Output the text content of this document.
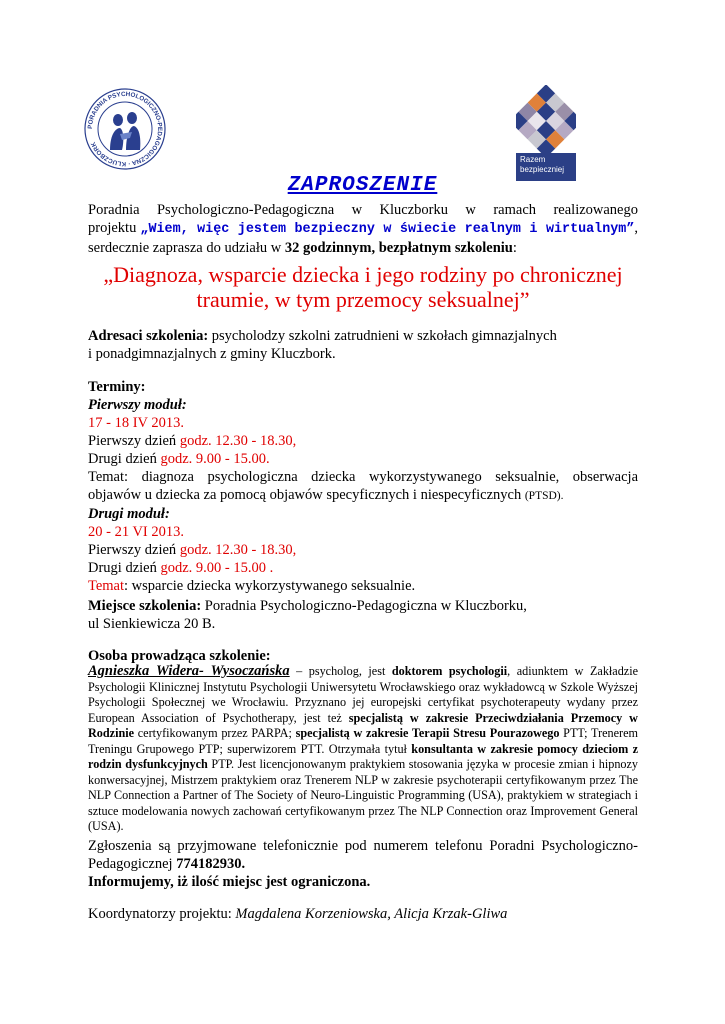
PORADNIA PSYCHOLOGICZNO-PEDAGOGICZNA · KLUCZBORK
Razem
bezpieczniej
ZAPROSZENIE
Poradnia Psychologiczno-Pedagogiczna w Kluczborku w ramach realizowanego
projektu „Wiem, więc jestem bezpieczny w świecie realnym i wirtualnym”,
serdecznie zaprasza do udziału w 32 godzinnym, bezpłatnym szkoleniu:
„Diagnoza, wsparcie dziecka i jego rodziny po chronicznej
traumie, w tym przemocy seksualnej”
Adresaci szkolenia: psycholodzy szkolni zatrudnieni w szkołach gimnazjalnych
i ponadgimnazjalnych z gminy Kluczbork.
Terminy:
Pierwszy moduł:
17 - 18 IV 2013.
Pierwszy dzień godz. 12.30 - 18.30,
Drugi dzień godz. 9.00 - 15.00.
Temat: diagnoza psychologiczna dziecka wykorzystywanego seksualnie, obserwacja
objawów u dziecka za pomocą objawów specyficznych i niespecyficznych (PTSD).
Drugi moduł:
20 - 21 VI 2013.
Pierwszy dzień godz. 12.30 - 18.30,
Drugi dzień godz. 9.00 - 15.00 .
Temat: wsparcie dziecka wykorzystywanego seksualnie.
Miejsce szkolenia: Poradnia Psychologiczno-Pedagogiczna w Kluczborku,
ul Sienkiewicza 20 B.
Osoba prowadząca szkolenie:
Agnieszka Widera- Wysoczańska – psycholog, jest doktorem psychologii, adiunktem w Zakładzie
Psychologii Klinicznej Instytutu Psychologii Uniwersytetu Wrocławskiego oraz wykładowcą w Szkole Wyższej
Psychologii Społecznej we Wrocławiu. Przyznano jej europejski certyfikat psychoterapeuty wydany przez
European Association of Psychotherapy, jest też specjalistą w zakresie Przeciwdziałania Przemocy w
Rodzinie certyfikowanym przez PARPA; specjalistą w zakresie Terapii Stresu Pourazowego PTT; Trenerem
Treningu Grupowego PTP; superwizorem PTT. Otrzymała tytuł konsultanta w zakresie pomocy dzieciom z
rodzin dysfunkcyjnych PTP. Jest licencjonowanym praktykiem stosowania języka w procesie zmian i hipnozy
konwersacyjnej, Mistrzem praktykiem oraz Trenerem NLP w zakresie psychoterapii certyfikowanym przez The
NLP Connection a Partner of The Society of Neuro-Linguistic Programming (USA), praktykiem w strategiach i
sztuce modelowania nowych zachowań certyfikowanym przez The NLP Connection oraz Improvement General
(USA).
Zgłoszenia są przyjmowane telefonicznie pod numerem telefonu Poradni Psychologiczno-
Pedagogicznej 774182930.
Informujemy, iż ilość miejsc jest ograniczona.
Koordynatorzy projektu: Magdalena Korzeniowska, Alicja Krzak-Gliwa
